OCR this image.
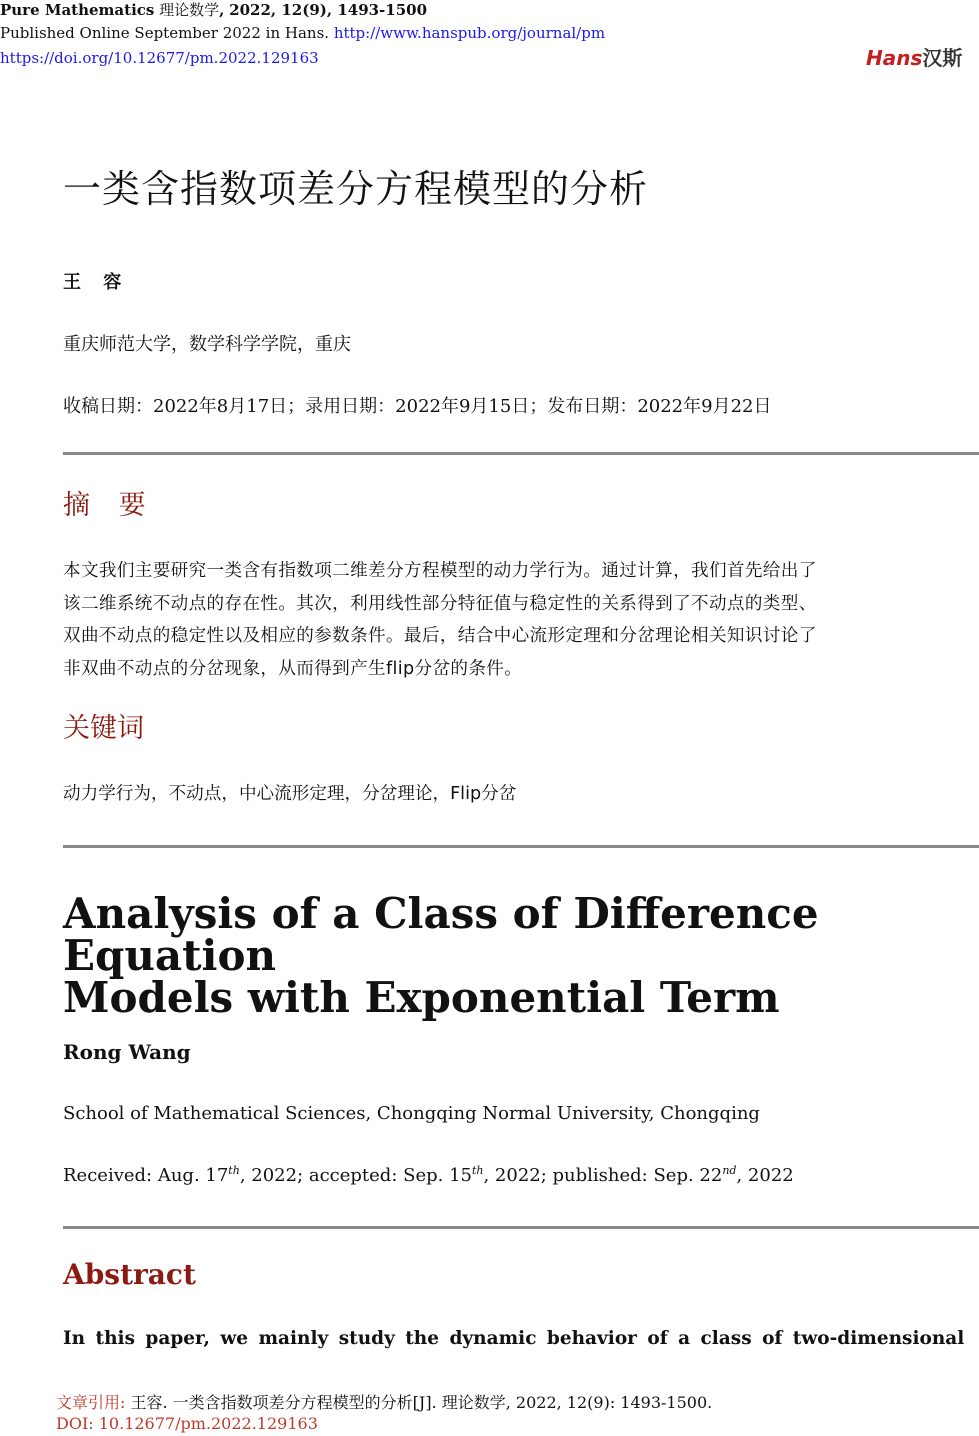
Pure Mathematics 理论数学, 2022, 12(9), 1493-1500
Published Online September 2022 in Hans. http://www.hanspub.org/journal/pm
https://doi.org/10.12677/pm.2022.129163	Hans汉斯
一类含指数项差分方程模型的分析
王 容
重庆师范大学，数学科学学院，重庆
收稿日期：2022年8月17日；录用日期：2022年9月15日；发布日期：2022年9月22日
摘 要
本文我们主要研究一类含有指数项二维差分方程模型的动力学行为。通过计算，我们首先给出了
该二维系统不动点的存在性。其次，利用线性部分特征值与稳定性的关系得到了不动点的类型、
双曲不动点的稳定性以及相应的参数条件。最后，结合中心流形定理和分岔理论相关知识讨论了
非双曲不动点的分岔现象，从而得到产生flip分岔的条件。
关键词
动力学行为，不动点，中心流形定理，分岔理论，Flip分岔
Analysis of a Class of Difference Equation
Models with Exponential Term
Rong Wang
School of Mathematical Sciences, Chongqing Normal University, Chongqing
Received: Aug. 17th, 2022; accepted: Sep. 15th, 2022; published: Sep. 22nd, 2022
Abstract
In this paper, we mainly study the dynamic behavior of a class of two-dimensional
文章引用: 王容. 一类含指数项差分方程模型的分析[J]. 理论数学, 2022, 12(9): 1493-1500.
DOI: 10.12677/pm.2022.129163
